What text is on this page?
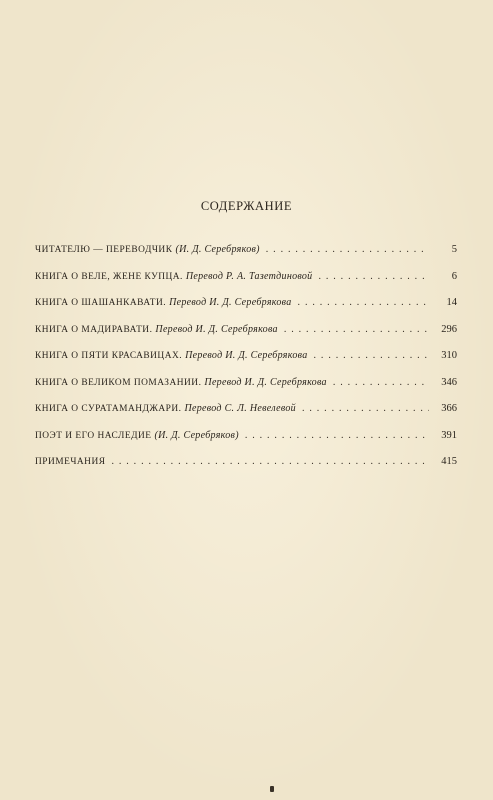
СОДЕРЖАНИЕ
ЧИТАТЕЛЮ — ПЕРЕВОДЧИК (И. Д. Серебряков) . . .	5
КНИГА О ВЕЛЕ, ЖЕНЕ КУПЦА. Перевод Р. А. Тазетдиновой . . .	6
КНИГА О ШАШАНКАВАТИ. Перевод И. Д. Серебрякова . . .	14
КНИГА О МАДИРАВАТИ. Перевод И. Д. Серебрякова . . .	296
КНИГА О ПЯТИ КРАСАВИЦАХ. Перевод И. Д. Серебрякова . . .	310
КНИГА О ВЕЛИКОМ ПОМАЗАНИИ. Перевод И. Д. Серебрякова . . .	346
КНИГА О СУРАТАМАНДЖАРИ. Перевод С. Л. Невелевой . . .	366
ПОЭТ И ЕГО НАСЛЕДИЕ (И. Д. Серебряков) . . .	391
ПРИМЕЧАНИЯ . . .	415
